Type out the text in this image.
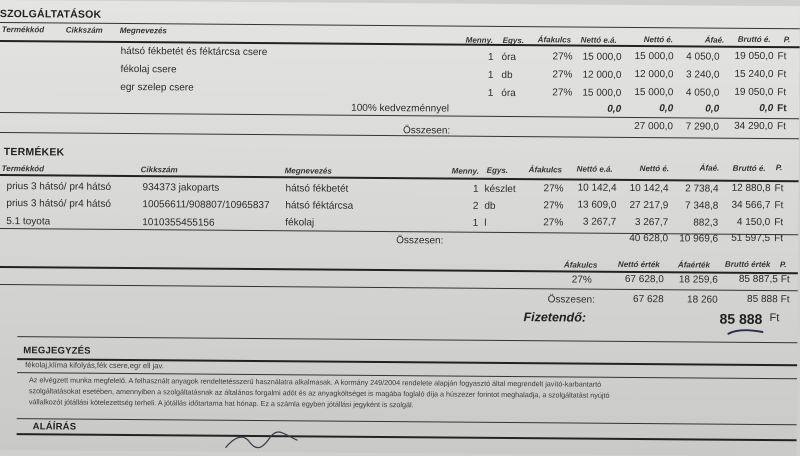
SZOLGÁLTATÁSOK
Termékkód	Cikkszám Megnevezés
Menny. Egys. Áfakulcs Nettó e.á.	Nettó é.	Áfaé. Bruttó é. P.
hátsó fékbetét és féktárcsa csere	1 óra	27% 15 000,0	15 000,0	4 050,0	19 050,0 Ft
fékolaj csere	1 db	27% 12 000,0	12 000,0	3 240,0	15 240,0 Ft
egr szelep csere	1 óra	27% 15 000,0	15 000,0	4 050,0	19 050,0 Ft
100% kedvezménnyel	0,0	0,0	0,0	0,0 Ft
Összesen:	27 000,0	7 290,0	34 290,0 Ft
TERMÉKEK
Termékkód	Cikkszám	Megnevezés	Menny. Egys.	Áfakulcs Nettó e.á.	Nettó é.	Áfaé. Bruttó é. P.
prius 3 hátsó/ pr4 hátsó	934373 jakoparts	hátsó fékbetét	1 készlet	27%	10 142,4	10 142,4	2 738,4	12 880,8 Ft
prius 3 hátsó/ pr4 hátsó	10056611/908807/10965837 hátsó féktárcsa	2 db	27%	13 609,0	27 217,9	7 348,8	34 566,7 Ft
5.1 toyota	1010355455156	fékolaj	1 l	27%	3 267,7	3 267,7	882,3	4 150,0 Ft
Összesen:	40 628,0	10 969,6	51 597,5 Ft
Áfakulcs	Nettó érték Áfaérték Bruttó érték P.
27%	67 628,0	18 259,6	85 887,5 Ft
Összesen:	67 628	18 260	85 888 Ft
Fizetendő:	85 888 Ft
MEGJEGYZÉS
fékolaj,klíma kifolyás,fék csere,egr ell jav.
Az elvégzett munka megfelelő. A felhasznált anyagok rendeltetésszerű használatra alkalmasak. A kormány 249/2004 rendelete alapján fogyasztó által megrendelt javító-karbantartó
szolgáltatásokat esetében, amennyiben a szolgáltatásnak az általános forgalmi adót és az anyagköltséget is magába foglaló díja a húszezer forintot meghaladja, a szolgáltatást nyújtó
vállalkozót jótállási kötelezettség terheli. A jótállás időtartama hat hónap. Ez a számla egyben jótállási jegyként is szolgál.
ALÁÍRÁS
